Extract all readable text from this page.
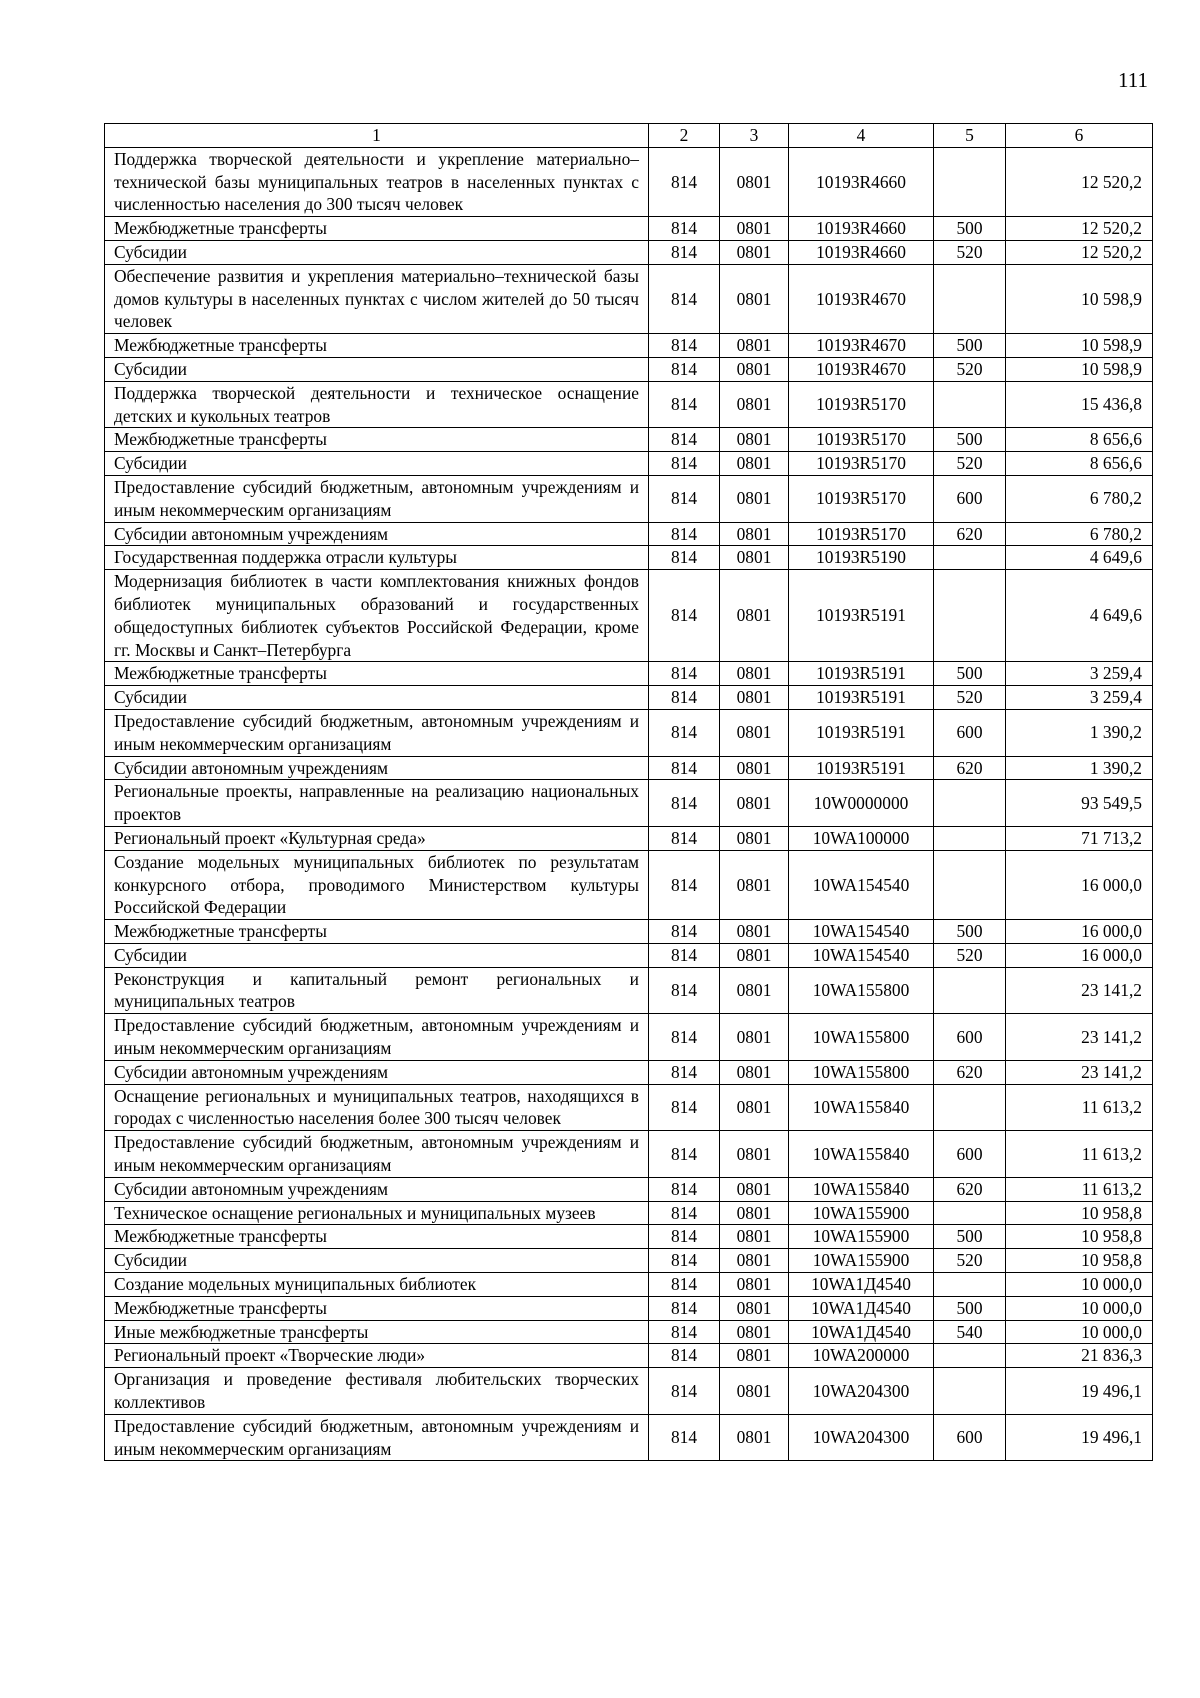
111
1	2	3	4	5	6
Поддержка творческой деятельности и укрепление материально–технической базы муниципальных театров в населенных пунктах с численностью населения до 300 тысяч человек	814	0801	10193R4660		12 520,2
Межбюджетные трансферты	814	0801	10193R4660	500	12 520,2
Субсидии	814	0801	10193R4660	520	12 520,2
Обеспечение развития и укрепления материально–технической базы домов культуры в населенных пунктах с числом жителей до 50 тысяч человек	814	0801	10193R4670		10 598,9
Межбюджетные трансферты	814	0801	10193R4670	500	10 598,9
Субсидии	814	0801	10193R4670	520	10 598,9
Поддержка творческой деятельности и техническое оснащение детских и кукольных театров	814	0801	10193R5170		15 436,8
Межбюджетные трансферты	814	0801	10193R5170	500	8 656,6
Субсидии	814	0801	10193R5170	520	8 656,6
Предоставление субсидий бюджетным, автономным учреждениям и иным некоммерческим организациям	814	0801	10193R5170	600	6 780,2
Субсидии автономным учреждениям	814	0801	10193R5170	620	6 780,2
Государственная поддержка отрасли культуры	814	0801	10193R5190		4 649,6
Модернизация библиотек в части комплектования книжных фондов библиотек муниципальных образований и государственных общедоступных библиотек субъектов Российской Федерации, кроме гг. Москвы и Санкт–Петербурга	814	0801	10193R5191		4 649,6
Межбюджетные трансферты	814	0801	10193R5191	500	3 259,4
Субсидии	814	0801	10193R5191	520	3 259,4
Предоставление субсидий бюджетным, автономным учреждениям и иным некоммерческим организациям	814	0801	10193R5191	600	1 390,2
Субсидии автономным учреждениям	814	0801	10193R5191	620	1 390,2
Региональные проекты, направленные на реализацию национальных проектов	814	0801	10W0000000		93 549,5
Региональный проект «Культурная среда»	814	0801	10WA100000		71 713,2
Создание модельных муниципальных библиотек по результатам конкурсного отбора, проводимого Министерством культуры Российской Федерации	814	0801	10WA154540		16 000,0
Межбюджетные трансферты	814	0801	10WA154540	500	16 000,0
Субсидии	814	0801	10WA154540	520	16 000,0
Реконструкция и капитальный ремонт региональных и муниципальных театров	814	0801	10WA155800		23 141,2
Предоставление субсидий бюджетным, автономным учреждениям и иным некоммерческим организациям	814	0801	10WA155800	600	23 141,2
Субсидии автономным учреждениям	814	0801	10WA155800	620	23 141,2
Оснащение региональных и муниципальных театров, находящихся в городах с численностью населения более 300 тысяч человек	814	0801	10WA155840		11 613,2
Предоставление субсидий бюджетным, автономным учреждениям и иным некоммерческим организациям	814	0801	10WA155840	600	11 613,2
Субсидии автономным учреждениям	814	0801	10WA155840	620	11 613,2
Техническое оснащение региональных и муниципальных музеев	814	0801	10WA155900		10 958,8
Межбюджетные трансферты	814	0801	10WA155900	500	10 958,8
Субсидии	814	0801	10WA155900	520	10 958,8
Создание модельных муниципальных библиотек	814	0801	10WA1Д4540		10 000,0
Межбюджетные трансферты	814	0801	10WA1Д4540	500	10 000,0
Иные межбюджетные трансферты	814	0801	10WA1Д4540	540	10 000,0
Региональный проект «Творческие люди»	814	0801	10WA200000		21 836,3
Организация и проведение фестиваля любительских творческих коллективов	814	0801	10WA204300		19 496,1
Предоставление субсидий бюджетным, автономным учреждениям и иным некоммерческим организациям	814	0801	10WA204300	600	19 496,1
